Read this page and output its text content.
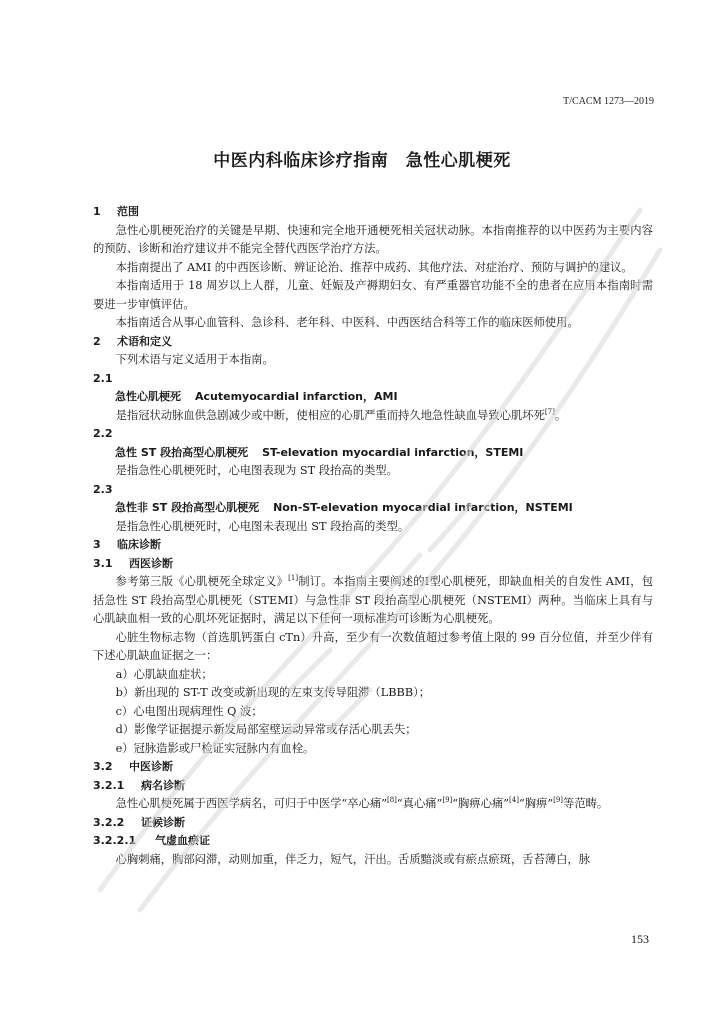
T/CACM 1273—2019
中医内科临床诊疗指南　急性心肌梗死
1 范围
急性心肌梗死治疗的关键是早期、快速和完全地开通梗死相关冠状动脉。本指南推荐的以中医药为主要内容的预防、诊断和治疗建议并不能完全替代西医学治疗方法。
本指南提出了 AMI 的中西医诊断、辨证论治、推荐中成药、其他疗法、对症治疗、预防与调护的建议。
本指南适用于 18 周岁以上人群，儿童、妊娠及产褥期妇女、有严重器官功能不全的患者在应用本指南时需要进一步审慎评估。
本指南适合从事心血管科、急诊科、老年科、中医科、中西医结合科等工作的临床医师使用。
2 术语和定义
下列术语与定义适用于本指南。
2.1
急性心肌梗死 Acutemyocardial infarction，AMI
是指冠状动脉血供急剧减少或中断，使相应的心肌严重而持久地急性缺血导致心肌坏死[7]。
2.2
急性 ST 段抬高型心肌梗死 ST-elevation myocardial infarction，STEMI
是指急性心肌梗死时，心电图表现为 ST 段抬高的类型。
2.3
急性非 ST 段抬高型心肌梗死 Non-ST-elevation myocardial infarction，NSTEMI
是指急性心肌梗死时，心电图未表现出 ST 段抬高的类型。
3 临床诊断
3.1 西医诊断
参考第三版《心肌梗死全球定义》[1]制订。本指南主要阐述的Ⅰ型心肌梗死，即缺血相关的自发性 AMI，包括急性 ST 段抬高型心肌梗死（STEMI）与急性非 ST 段抬高型心肌梗死（NSTEMI）两种。当临床上具有与心肌缺血相一致的心肌坏死证据时，满足以下任何一项标准均可诊断为心肌梗死。
心脏生物标志物（首选肌钙蛋白 cTn）升高，至少有一次数值超过参考值上限的 99 百分位值，并至少伴有下述心肌缺血证据之一：
a）心肌缺血症状；
b）新出现的 ST-T 改变或新出现的左束支传导阻滞（LBBB）；
c）心电图出现病理性 Q 波；
d）影像学证据提示新发局部室壁运动异常或存活心肌丢失；
e）冠脉造影或尸检证实冠脉内有血栓。
3.2 中医诊断
3.2.1 病名诊断
急性心肌梗死属于西医学病名，可归于中医学“卒心痛”[8]“真心痛”[9]“胸痹心痛”[4]“胸痹”[9]等范畴。
3.2.2 证候诊断
3.2.2.1 气虚血瘀证
心胸刺痛，胸部闷滞，动则加重，伴乏力，短气，汗出。舌质黯淡或有瘀点瘀斑，舌苔薄白，脉
153
